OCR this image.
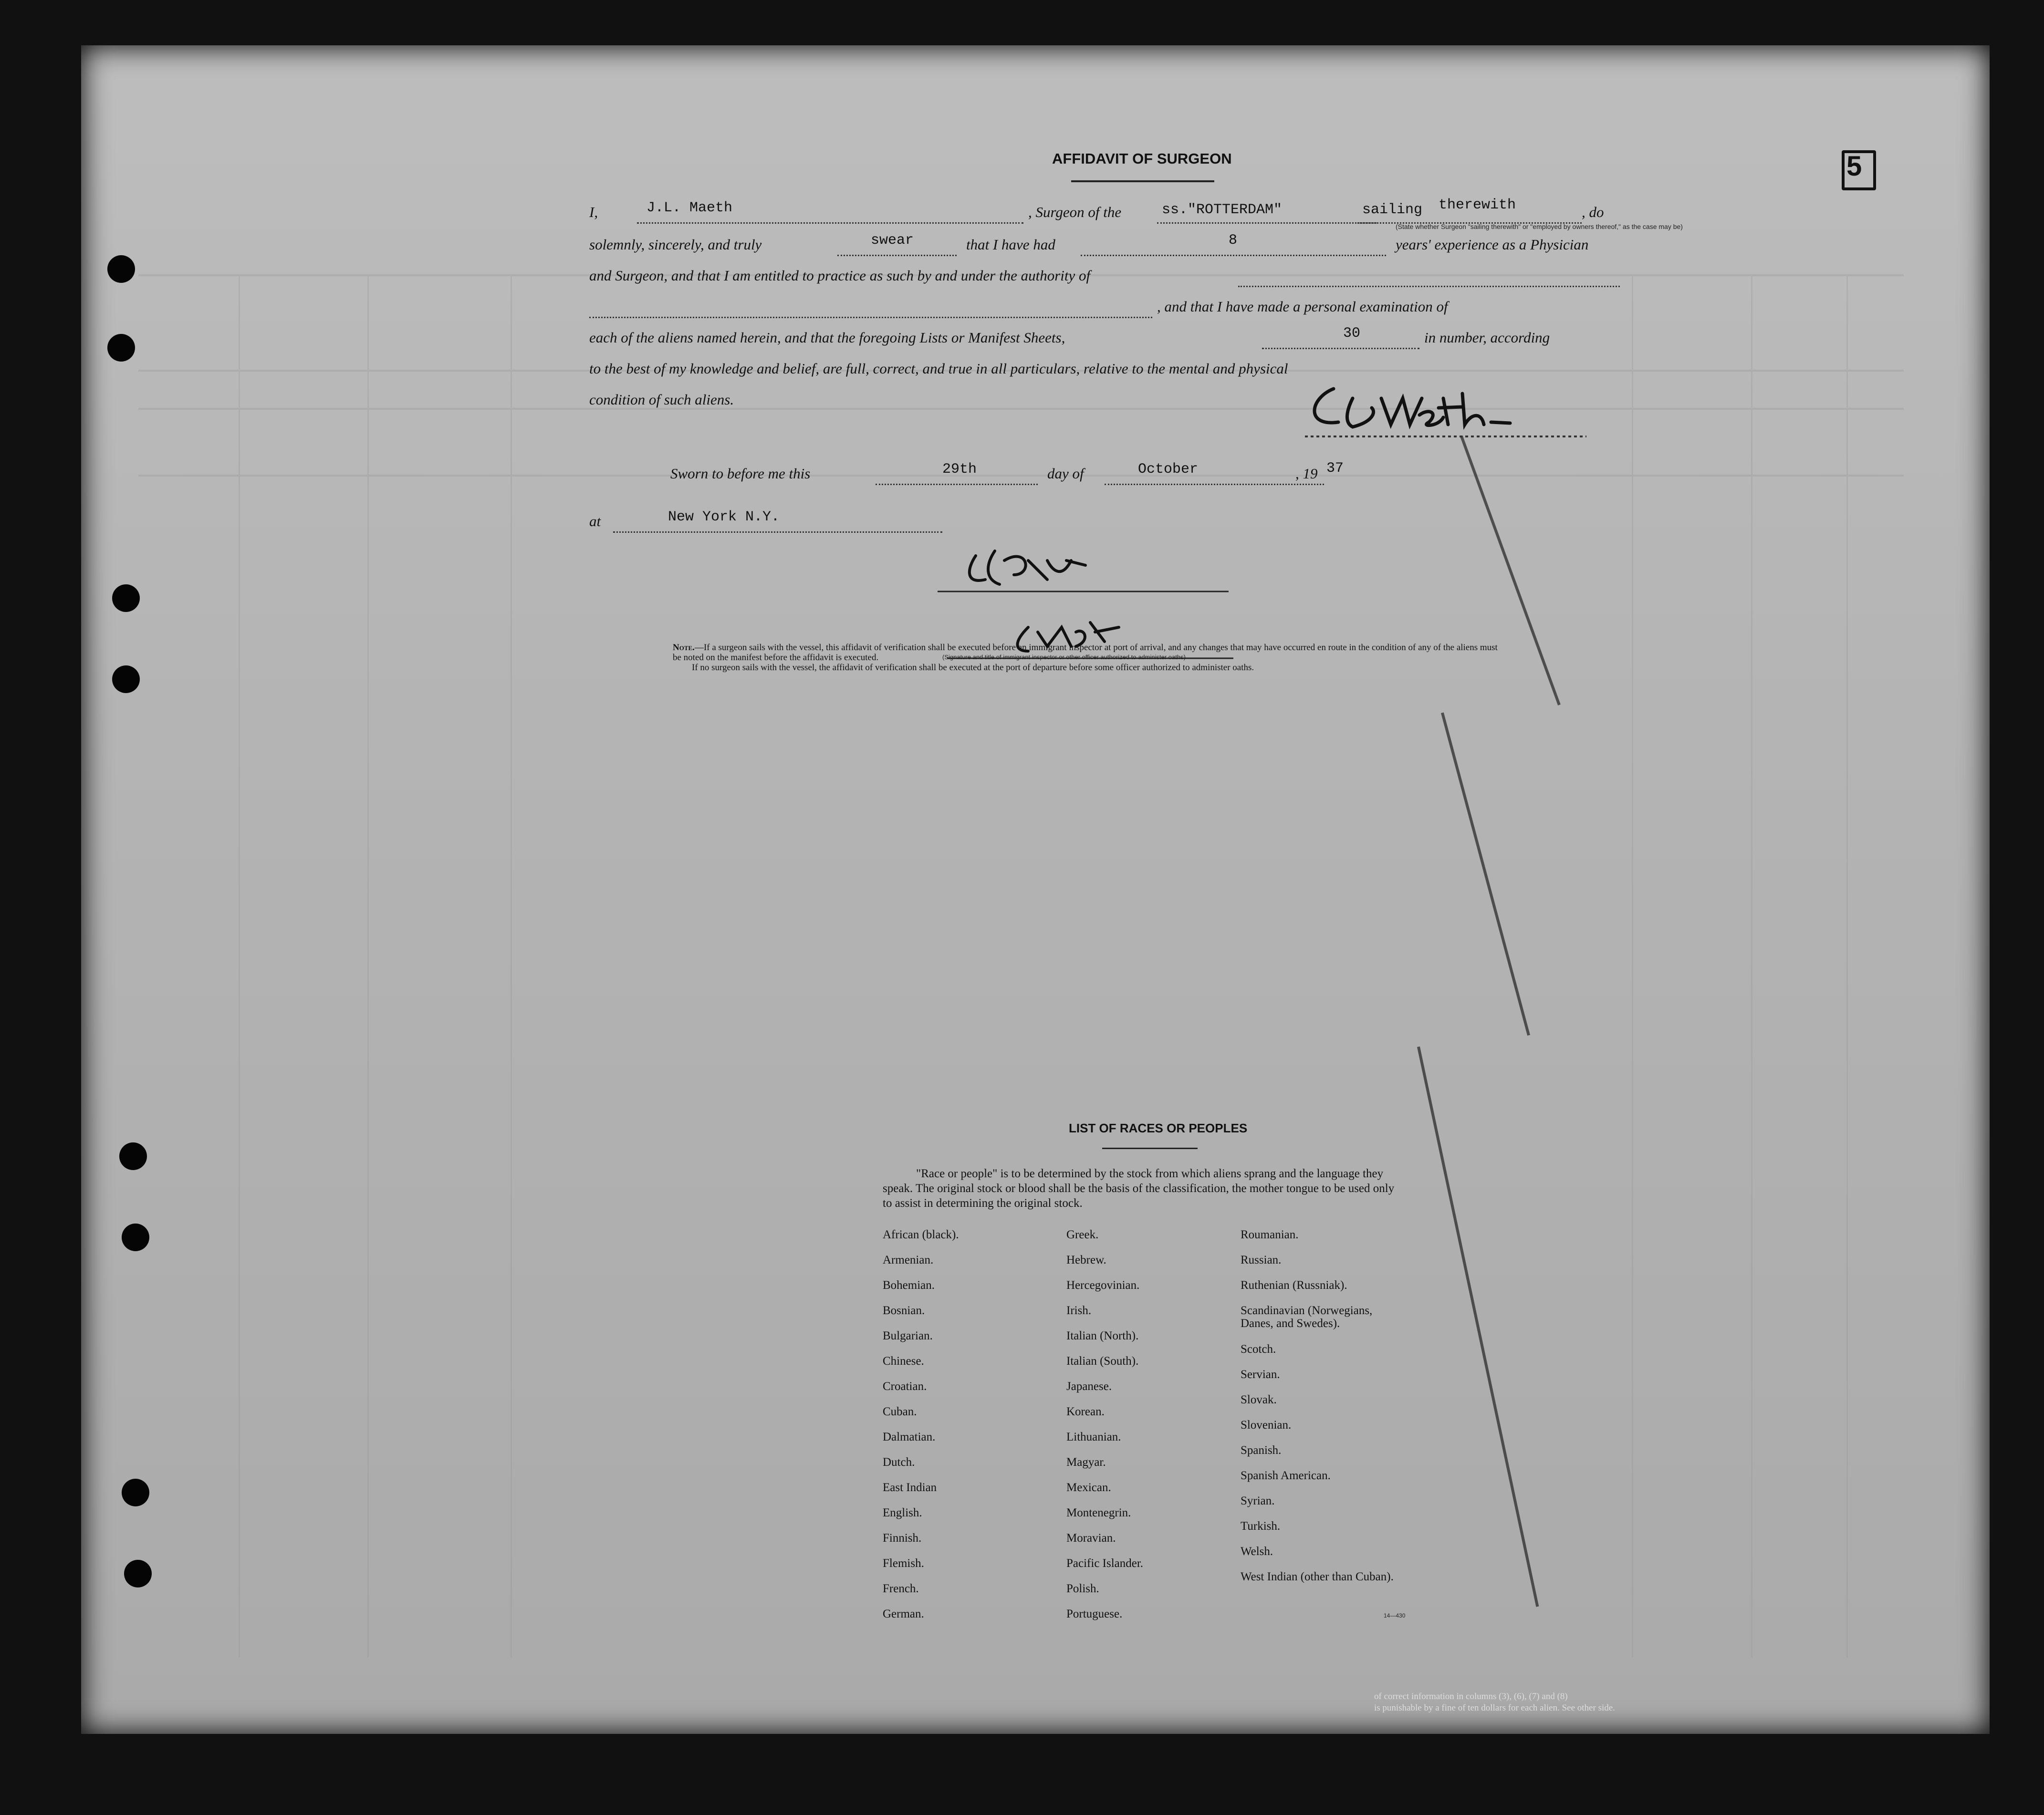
5
AFFIDAVIT OF SURGEON
I,	J.L. Maeth	, Surgeon of the	ss."ROTTERDAM"	sailing therewith	, do
(State whether Surgeon "sailing therewith" or "employed by owners thereof," as the case may be)
solemnly, sincerely, and truly	swear	that I have had	8	years' experience as a Physician
and Surgeon, and that I am entitled to practice as such by and under the authority of
, and that I have made a personal examination of
each of the aliens named herein, and that the foregoing Lists or Manifest Sheets,	30	in number, according
to the best of my knowledge and belief, are full, correct, and true in all particulars, relative to the mental and physical
condition of such aliens.
Sworn to before me this	29th	day of	October	, 19 37
at	New York N.Y.
(Signature and title of immigrant inspector or other officer authorized to administer oaths)
Note.—If a surgeon sails with the vessel, this affidavit of verification shall be executed before an immigrant inspector at port of arrival, and any changes that may have occurred en route in the condition of any of the aliens must be noted on the manifest before the affidavit is executed.
If no surgeon sails with the vessel, the affidavit of verification shall be executed at the port of departure before some officer authorized to administer oaths.
LIST OF RACES OR PEOPLES

"Race or people" is to be determined by the stock from which aliens sprang and the language they speak. The original stock or blood shall be the basis of the classification, the mother tongue to be used only to assist in determining the original stock.

African (black).
Armenian.
Bohemian.
Bosnian.
Bulgarian.
Chinese.
Croatian.
Cuban.
Dalmatian.
Dutch.
East Indian
English.
Finnish.
Flemish.
French.
German.
Greek.
Hebrew.
Hercegovinian.
Irish.
Italian (North).
Italian (South).
Japanese.
Korean.
Lithuanian.
Magyar.
Mexican.
Montenegrin.
Moravian.
Pacific Islander.
Polish.
Portuguese.
Roumanian.
Russian.
Ruthenian (Russniak).
Scandinavian (Norwegians, Danes, and Swedes).
Scotch.
Servian.
Slovak.
Slovenian.
Spanish.
Spanish American.
Syrian.
Turkish.
Welsh.
West Indian (other than Cuban).
14—430
of correct information in columns (3), (6), (7) and (8)
is punishable by a fine of ten dollars for each alien. See other side.
